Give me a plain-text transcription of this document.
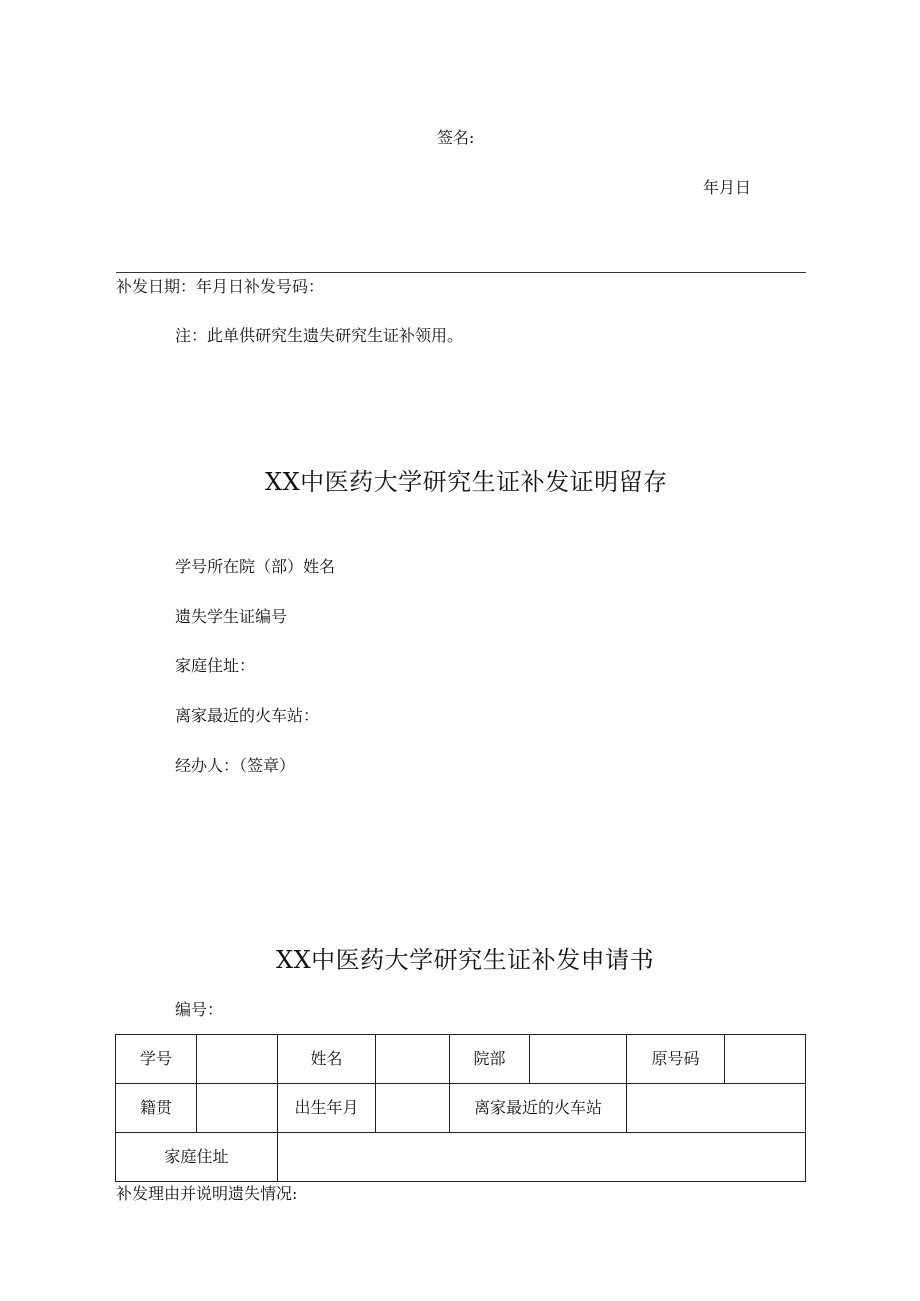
签名:
年月日
补发日期：年月日补发号码：
注：此单供研究生遗失研究生证补领用。
XX中医药大学研究生证补发证明留存
学号所在院（部）姓名
遗失学生证编号
家庭住址：
离家最近的火车站：
经办人：（签章）
XX中医药大学研究生证补发申请书
编号：
学号		姓名		院部		原号码	
籍贯		出生年月		离家最近的火车站			
家庭住址							
补发理由并说明遗失情况:
